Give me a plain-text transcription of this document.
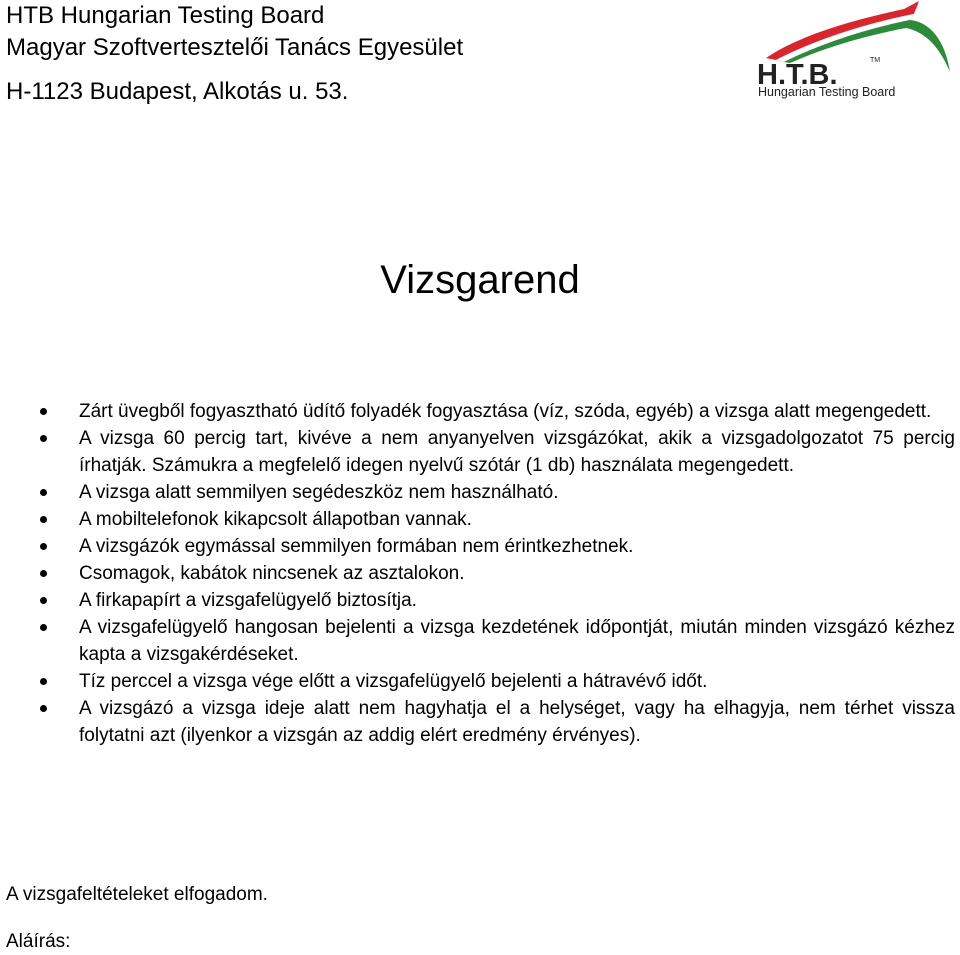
HTB Hungarian Testing Board
Magyar Szoftvertesztelői Tanács Egyesület
H-1123 Budapest, Alkotás u. 53.
H.T.B.	TM
Hungarian Testing Board
Vizsgarend
Zárt üvegből fogyasztható üdítő folyadék fogyasztása (víz, szóda, egyéb) a vizsga alatt megengedett.
A vizsga 60 percig tart, kivéve a nem anyanyelven vizsgázókat, akik a vizsgadolgozatot 75 percig írhatják. Számukra a megfelelő idegen nyelvű szótár (1 db) használata megengedett.
A vizsga alatt semmilyen segédeszköz nem használható.
A mobiltelefonok kikapcsolt állapotban vannak.
A vizsgázók egymással semmilyen formában nem érintkezhetnek.
Csomagok, kabátok nincsenek az asztalokon.
A firkapapírt a vizsgafelügyelő biztosítja.
A vizsgafelügyelő hangosan bejelenti a vizsga kezdetének időpontját, miután minden vizsgázó kézhez kapta a vizsgakérdéseket.
Tíz perccel a vizsga vége előtt a vizsgafelügyelő bejelenti a hátravévő időt.
A vizsgázó a vizsga ideje alatt nem hagyhatja el a helységet, vagy ha elhagyja, nem térhet vissza folytatni azt (ilyenkor a vizsgán az addig elért eredmény érvényes).
A vizsgafeltételeket elfogadom.
Aláírás:
